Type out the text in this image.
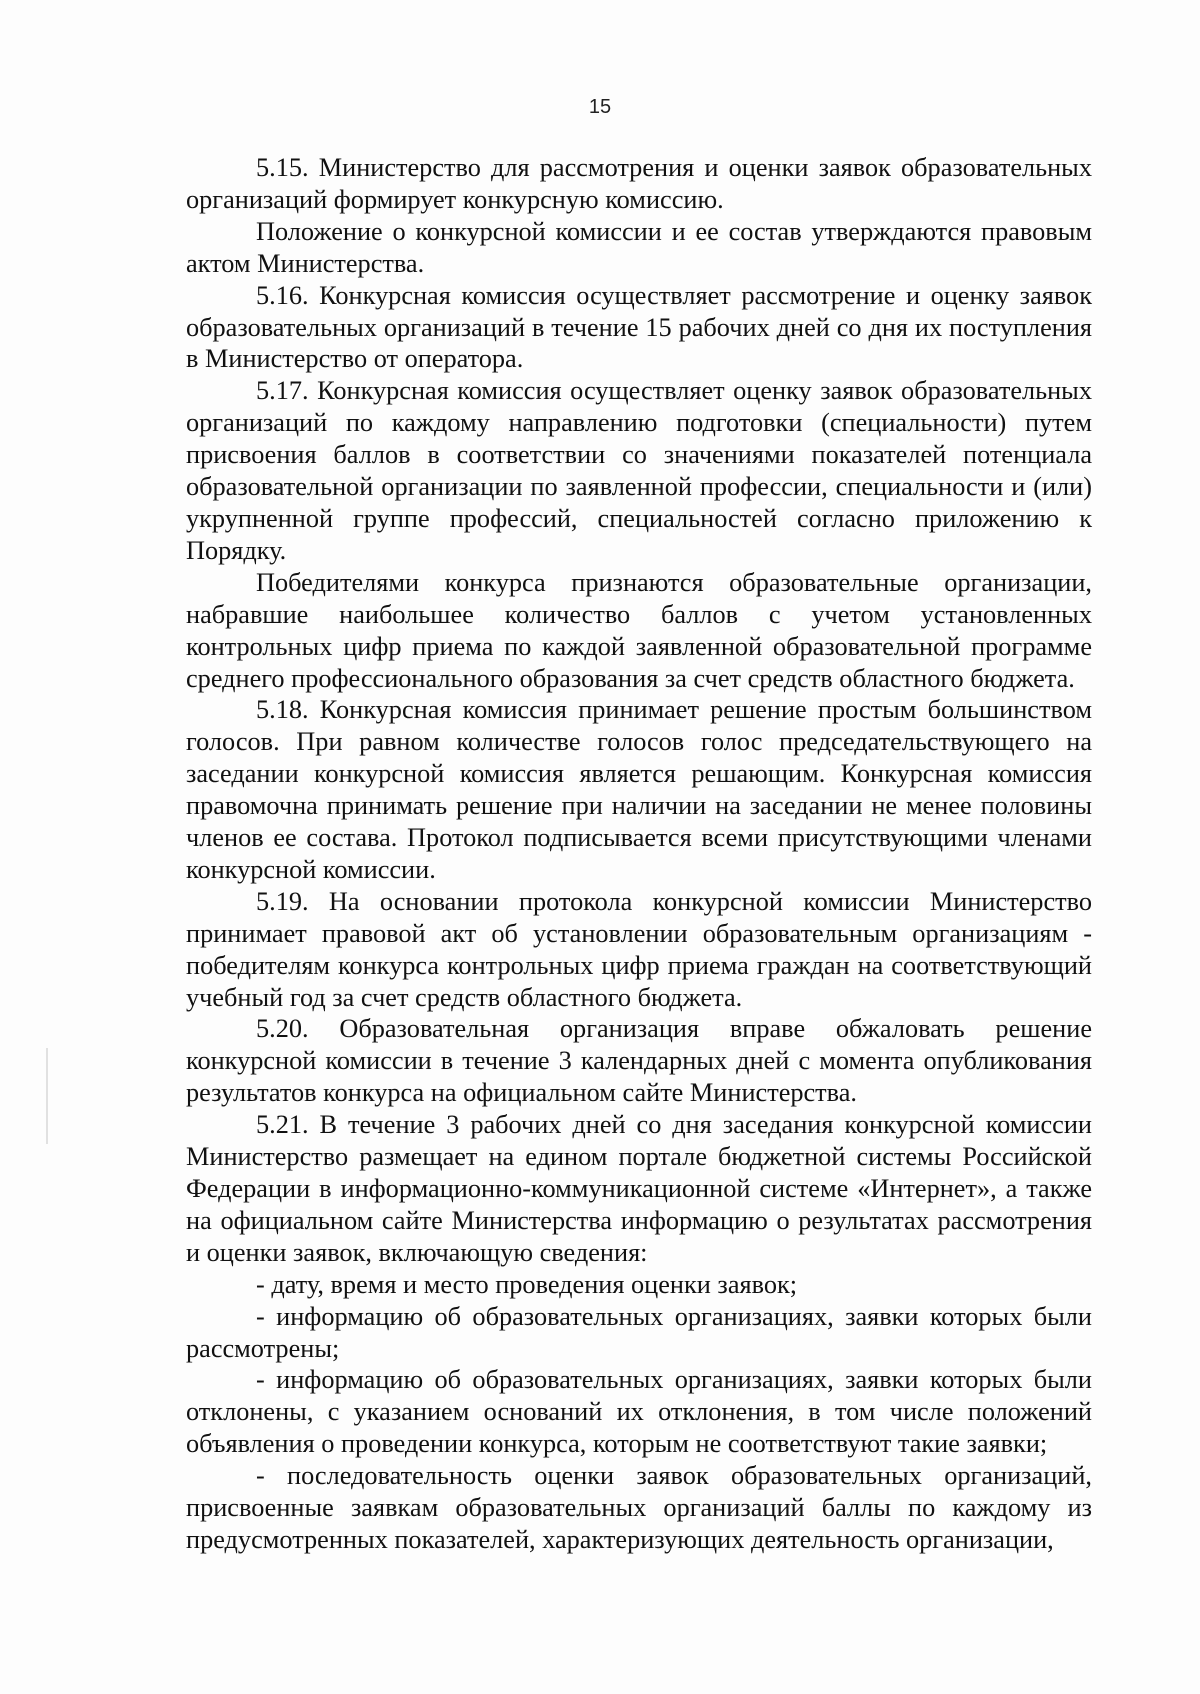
15

5.15. Министерство для рассмотрения и оценки заявок образовательных организаций формирует конкурсную комиссию.

Положение о конкурсной комиссии и ее состав утверждаются правовым актом Министерства.

5.16. Конкурсная комиссия осуществляет рассмотрение и оценку заявок образовательных организаций в течение 15 рабочих дней со дня их поступления в Министерство от оператора.

5.17. Конкурсная комиссия осуществляет оценку заявок образовательных организаций по каждому направлению подготовки (специальности) путем присвоения баллов в соответствии со значениями показателей потенциала образовательной организации по заявленной профессии, специальности и (или) укрупненной группе профессий, специальностей согласно приложению к Порядку.

Победителями конкурса признаются образовательные организации, набравшие наибольшее количество баллов с учетом установленных контрольных цифр приема по каждой заявленной образовательной программе среднего профессионального образования за счет средств областного бюджета.

5.18. Конкурсная комиссия принимает решение простым большинством голосов. При равном количестве голосов голос председательствующего на заседании конкурсной комиссия является решающим. Конкурсная комиссия правомочна принимать решение при наличии на заседании не менее половины членов ее состава. Протокол подписывается всеми присутствующими членами конкурсной комиссии.

5.19. На основании протокола конкурсной комиссии Министерство принимает правовой акт об установлении образовательным организациям - победителям конкурса контрольных цифр приема граждан на соответствующий учебный год за счет средств областного бюджета.

5.20. Образовательная организация вправе обжаловать решение конкурсной комиссии в течение 3 календарных дней с момента опубликования результатов конкурса на официальном сайте Министерства.

5.21. В течение 3 рабочих дней со дня заседания конкурсной комиссии Министерство размещает на едином портале бюджетной системы Российской Федерации в информационно-коммуникационной системе «Интернет», а также на официальном сайте Министерства информацию о результатах рассмотрения и оценки заявок, включающую сведения:

- дату, время и место проведения оценки заявок;

- информацию об образовательных организациях, заявки которых были рассмотрены;

- информацию об образовательных организациях, заявки которых были отклонены, с указанием оснований их отклонения, в том числе положений объявления о проведении конкурса, которым не соответствуют такие заявки;

- последовательность оценки заявок образовательных организаций, присвоенные заявкам образовательных организаций баллы по каждому из предусмотренных показателей, характеризующих деятельность организации,
